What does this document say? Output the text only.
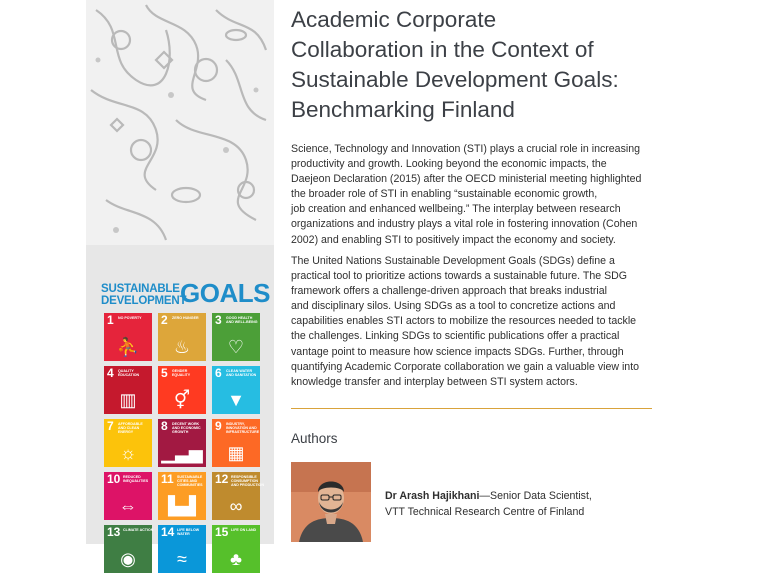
SUSTAINABLE
DEVELOPMENT
GOALS
1 NO POVERTY
⛹
2 ZERO HUNGER
♨
3 GOOD HEALTH AND WELL-BEING
♡
4 QUALITY EDUCATION
▥
5 GENDER EQUALITY
⚥
6 CLEAN WATER AND SANITATION
▼
7 AFFORDABLE AND CLEAN ENERGY
☼
8 DECENT WORK AND ECONOMIC GROWTH
▁▃▅
9 INDUSTRY, INNOVATION AND INFRASTRUCTURE
▦
10 REDUCED INEQUALITIES
⇔
11 SUSTAINABLE CITIES AND COMMUNITIES
▙▟
12 RESPONSIBLE CONSUMPTION AND PRODUCTION
∞
13 CLIMATE ACTION
◉
14 LIFE BELOW WATER
≈
15 LIFE ON LAND
♣
Academic Corporate
Collaboration in the Context of
Sustainable Development Goals:
Benchmarking Finland
Science, Technology and Innovation (STI) plays a crucial role in increasing
productivity and growth. Looking beyond the economic impacts, the
Daejeon Declaration (2015) after the OECD ministerial meeting highlighted
the broader role of STI in enabling “sustainable economic growth,
job creation and enhanced wellbeing.” The interplay between research
organizations and industry plays a vital role in fostering innovation (Cohen
2002) and enabling STI to positively impact the economy and society.
The United Nations Sustainable Development Goals (SDGs) define a
practical tool to prioritize actions towards a sustainable future. The SDG
framework offers a challenge-driven approach that breaks industrial
and disciplinary silos. Using SDGs as a tool to concretize actions and
capabilities enables STI actors to mobilize the resources needed to tackle
the challenges. Linking SDGs to scientific publications offer a practical
vantage point to measure how science impacts SDGs. Further, through
quantifying Academic Corporate collaboration we gain a valuable view into
knowledge transfer and interplay between STI system actors.
Authors
Dr Arash Hajikhani—Senior Data Scientist,
VTT Technical Research Centre of Finland
